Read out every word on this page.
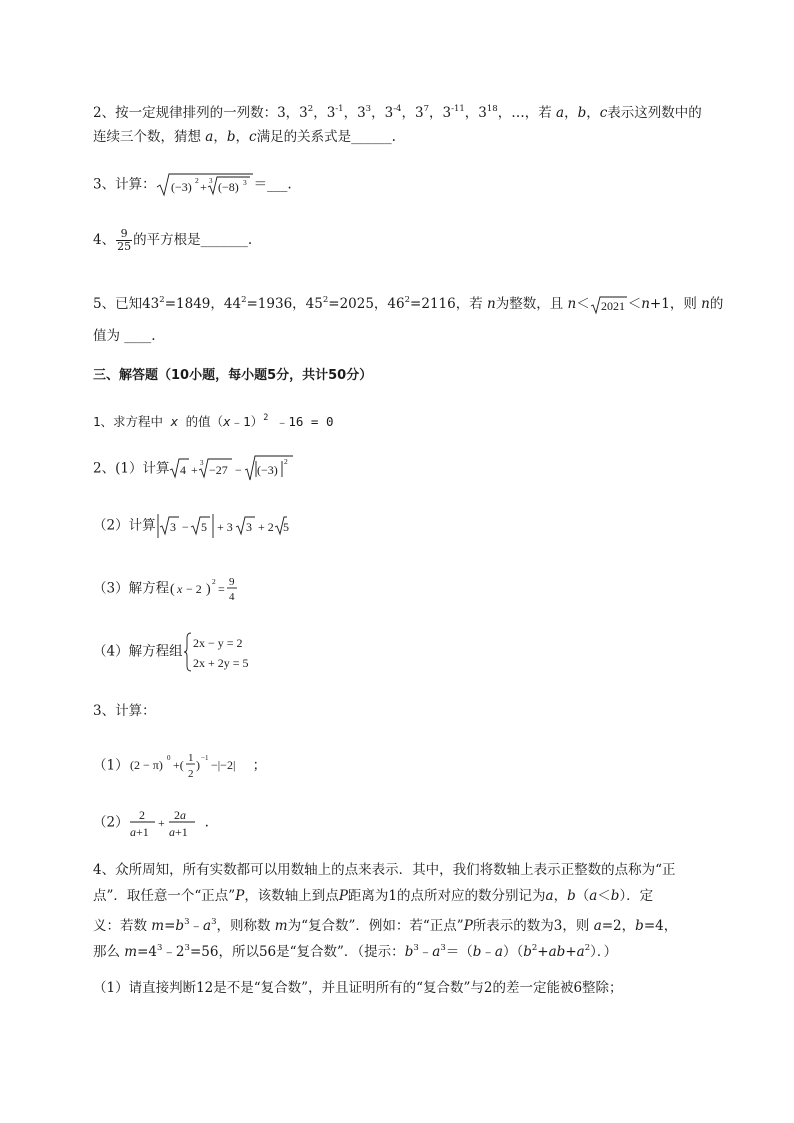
2、按一定规律排列的一列数：3，$3^2$，$3^{-1}$，$3^3$，$3^{-4}$，$3^7$，$3^{-11}$，$3^{18}$，…，若 a，b，c表示这列数中的
连续三个数，猜想 a，b，c满足的关系式是______.
3、计算： (−3) 2 + 3 (−8) 3 ＝___.
4、 $\frac{9}{25}$ 的平方根是_______.
5、已知$43^2=1849$，$44^2=1936$，$45^2=2025$，$46^2=2116$，若 n为整数，且 n＜ 2021 ＜n+1，则 n的
值为 ____.
三、解答题（10小题，每小题5分，共计50分）
1、求方程中 x 的值（x﹣1）$^2$ ﹣16 = 0
2、(1）计算 4 + 3 −27 − (−3)
2
（2）计算 3 − 5 + 3 3 + 2 5
（3）解方程 ( x − 2 )
2
= 9
4
（4）解方程组
2x − y = 2
2x + 2y = 5
3、计算：
（1） (2 − π) 0 +( 1
2
) −1 −|−2| ；
（2） 2
a+1
+
2a
a+1
.
4、众所周知，所有实数都可以用数轴上的点来表示．其中，我们将数轴上表示正整数的点称为“正
点”．取任意一个“正点”P，该数轴上到点P距离为1的点所对应的数分别记为a，b（a＜b）．定
义：若数 $m=b^3﹣a^3$，则称数 m为“复合数”．例如：若“正点”P所表示的数为3，则 a=2，b=4，
那么 $m=4^3﹣2^3=56$，所以56是“复合数”．（提示：$b^3﹣a^3=(b﹣a)(b^2+ab+a^2)$．）
（1）请直接判断12是不是“复合数”，并且证明所有的“复合数”与2的差一定能被6整除；
